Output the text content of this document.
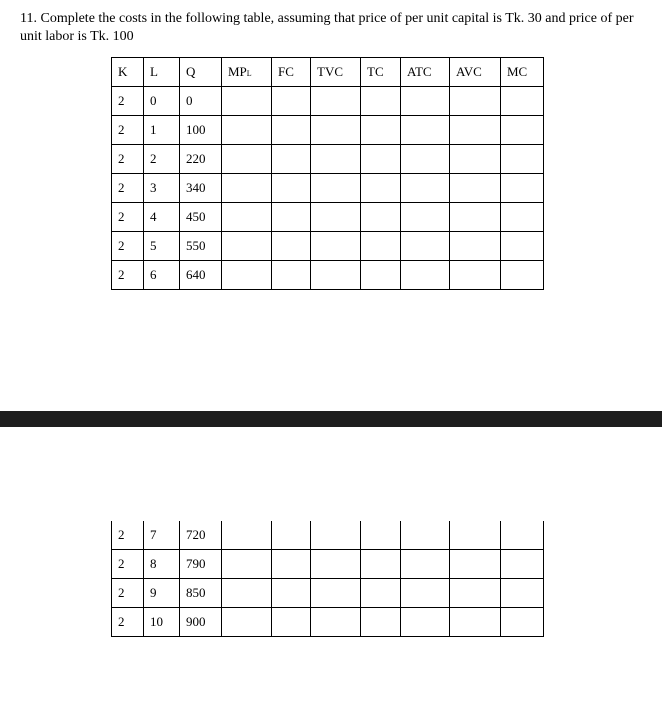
11. Complete the costs in the following table, assuming that price of per unit capital is Tk. 30 and price of per unit labor is Tk. 100
K	L	Q	MPL	FC	TVC	TC	ATC	AVC	MC
2	0	0							
2	1	100							
2	2	220							
2	3	340							
2	4	450							
2	5	550							
2	6	640							
2	7	720							
2	8	790							
2	9	850							
2	10	900							
